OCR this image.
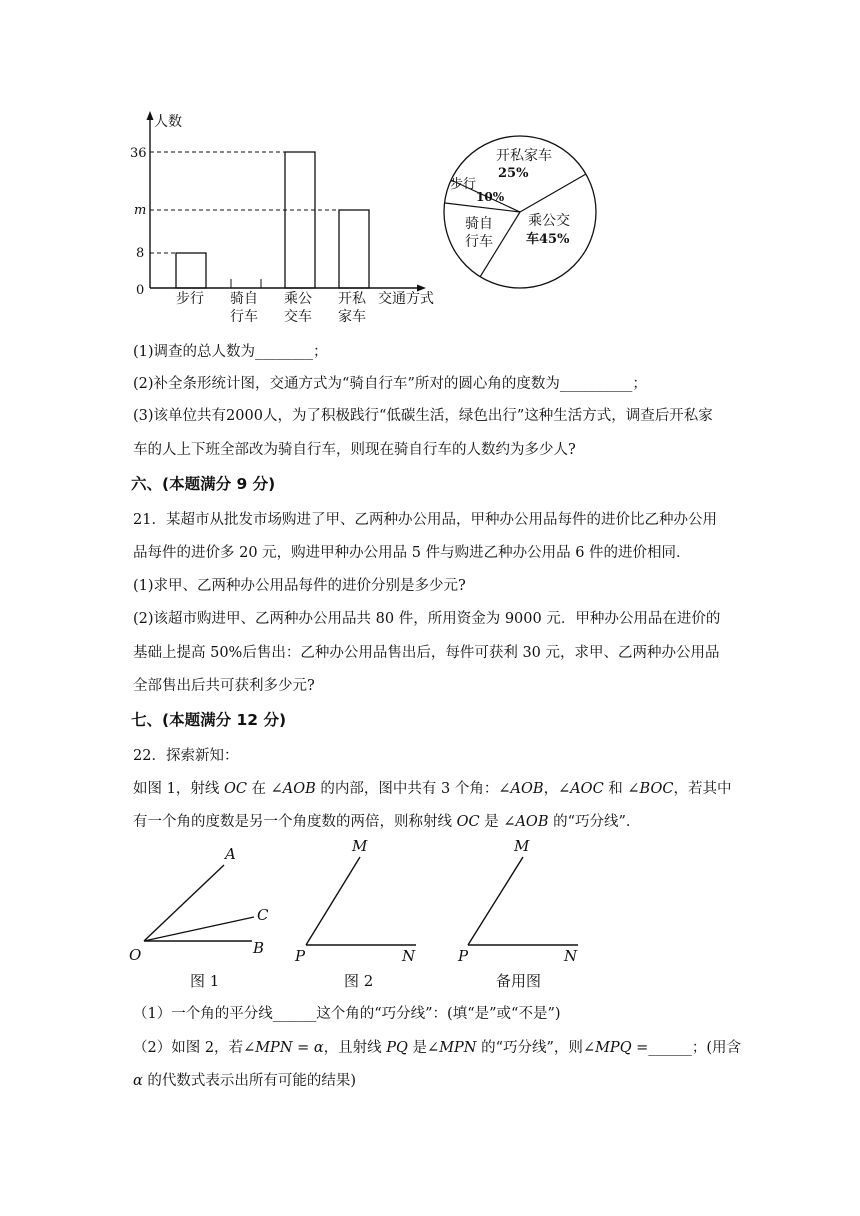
人数
交通方式
0
36
m
8
步行 骑自
行车
乘公
交车
开私
家车
开私家车
25%
步行
10%
骑自
行车
乘公交
车45%
(1)调查的总人数为________；
(2)补全条形统计图，交通方式为“骑自行车”所对的圆心角的度数为__________；
(3)该单位共有2000人，为了积极践行“低碳生活，绿色出行”这种生活方式，调查后开私家
车的人上下班全部改为骑自行车，则现在骑自行车的人数约为多少人?
六、(本题满分 9 分)
21．某超市从批发市场购进了甲、乙两种办公用品，甲种办公用品每件的进价比乙种办公用
品每件的进价多 20 元，购进甲种办公用品 5 件与购进乙种办公用品 6 件的进价相同．
(1)求甲、乙两种办公用品每件的进价分别是多少元?
(2)该超市购进甲、乙两种办公用品共 80 件，所用资金为 9000 元．甲种办公用品在进价的
基础上提高 50%后售出：乙种办公用品售出后，每件可获利 30 元，求甲、乙两种办公用品
全部售出后共可获利多少元?
七、(本题满分 12 分)
22．探索新知：
如图 1，射线 OC 在 ∠AOB 的内部，图中共有 3 个角：∠AOB，∠AOC 和 ∠BOC，若其中
有一个角的度数是另一个角度数的两倍，则称射线 OC 是 ∠AOB 的“巧分线”．
A
C
B
O
图 1
M
P	N
图 2
M
P	N
备用图
（1）一个角的平分线______这个角的“巧分线”：(填“是”或“不是”)
（2）如图 2，若∠MPN = α，且射线 PQ 是∠MPN 的“巧分线”，则∠MPQ =______；(用含
α 的代数式表示出所有可能的结果)
